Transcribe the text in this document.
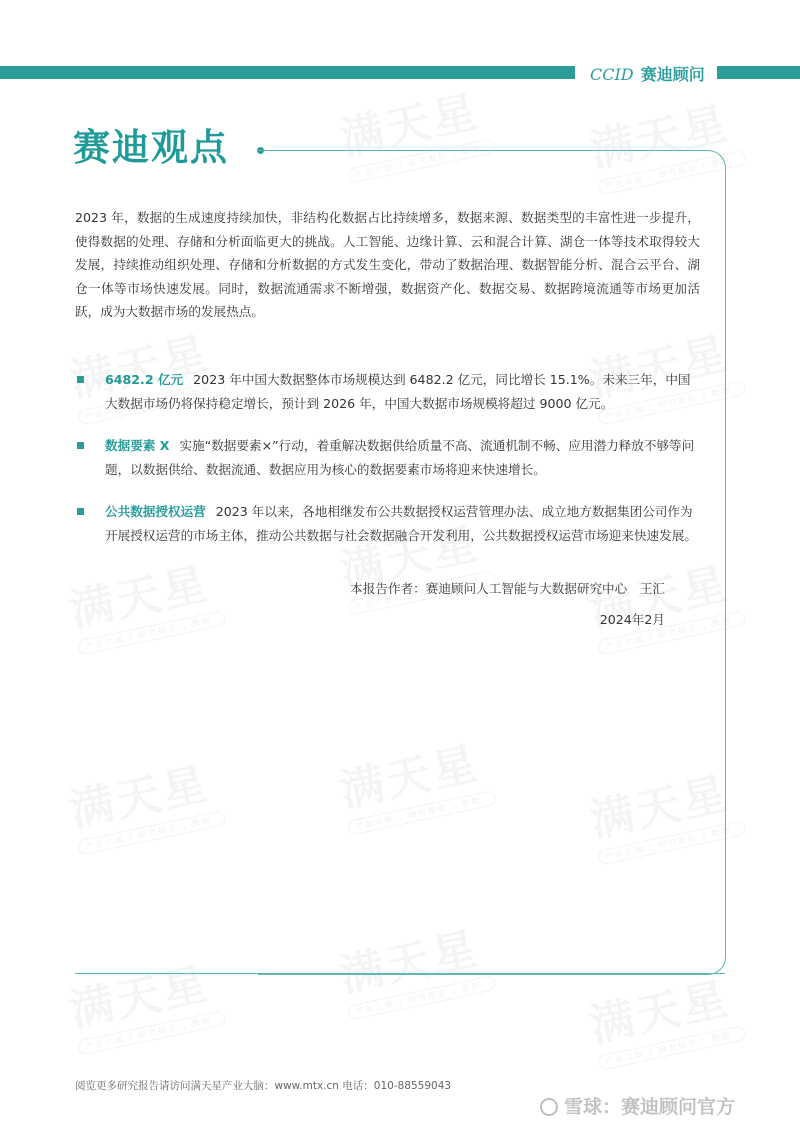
CCID 赛迪顾问
赛迪观点
2023 年，数据的生成速度持续加快，非结构化数据占比持续增多，数据来源、数据类型的丰富性进一步提升，使得数据的处理、存储和分析面临更大的挑战。人工智能、边缘计算、云和混合计算、湖仓一体等技术取得较大发展，持续推动组织处理、存储和分析数据的方式发生变化，带动了数据治理、数据智能分析、混合云平台、湖仓一体等市场快速发展。同时，数据流通需求不断增强，数据资产化、数据交易、数据跨境流通等市场更加活跃，成为大数据市场的发展热点。
6482.2 亿元 2023 年中国大数据整体市场规模达到 6482.2 亿元，同比增长 15.1%。未来三年，中国大数据市场仍将保持稳定增长，预计到 2026 年，中国大数据市场规模将超过 9000 亿元。
数据要素 X 实施“数据要素×”行动，着重解决数据供给质量不高、流通机制不畅、应用潜力释放不够等问题，以数据供给、数据流通、数据应用为核心的数据要素市场将迎来快速增长。
公共数据授权运营 2023 年以来，各地相继发布公共数据授权运营管理办法、成立地方数据集团公司作为开展授权运营的市场主体，推动公共数据与社会数据融合开发利用，公共数据授权运营市场迎来快速发展。
本报告作者：赛迪顾问人工智能与大数据研究中心　王汇
2024年2月
阅览更多研究报告请访问满天星产业大脑：www.mtx.cn 电话：010-88559043
雪球：赛迪顾问官方
